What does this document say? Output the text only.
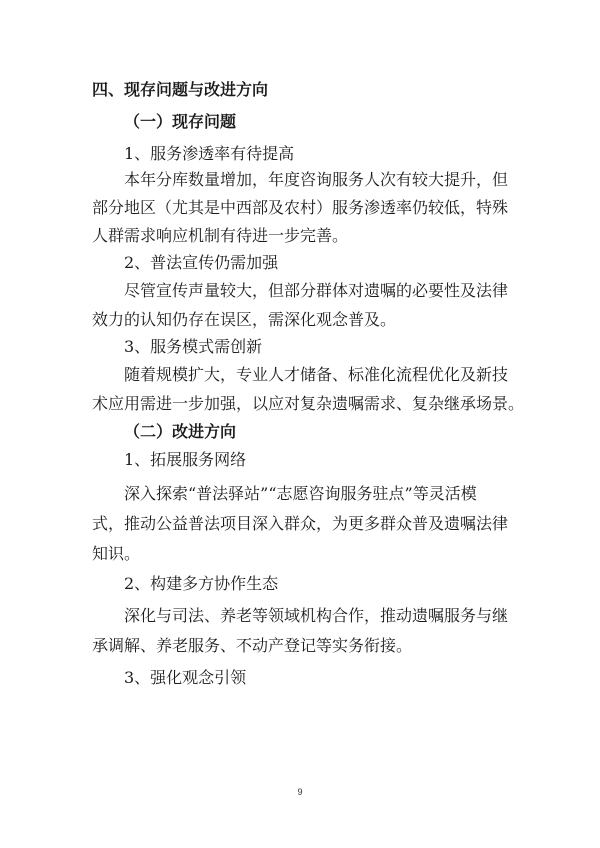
四、现存问题与改进方向
（一）现存问题
1、服务渗透率有待提高
本年分库数量增加，年度咨询服务人次有较大提升，但
部分地区（尤其是中西部及农村）服务渗透率仍较低，特殊
人群需求响应机制有待进一步完善。
2、普法宣传仍需加强
尽管宣传声量较大，但部分群体对遗嘱的必要性及法律
效力的认知仍存在误区，需深化观念普及。
3、服务模式需创新
随着规模扩大，专业人才储备、标准化流程优化及新技
术应用需进一步加强，以应对复杂遗嘱需求、复杂继承场景。
（二）改进方向
1、拓展服务网络
深入探索“普法驿站”“志愿咨询服务驻点”等灵活模
式，推动公益普法项目深入群众，为更多群众普及遗嘱法律
知识。
2、构建多方协作生态
深化与司法、养老等领域机构合作，推动遗嘱服务与继
承调解、养老服务、不动产登记等实务衔接。
3、强化观念引领
9
